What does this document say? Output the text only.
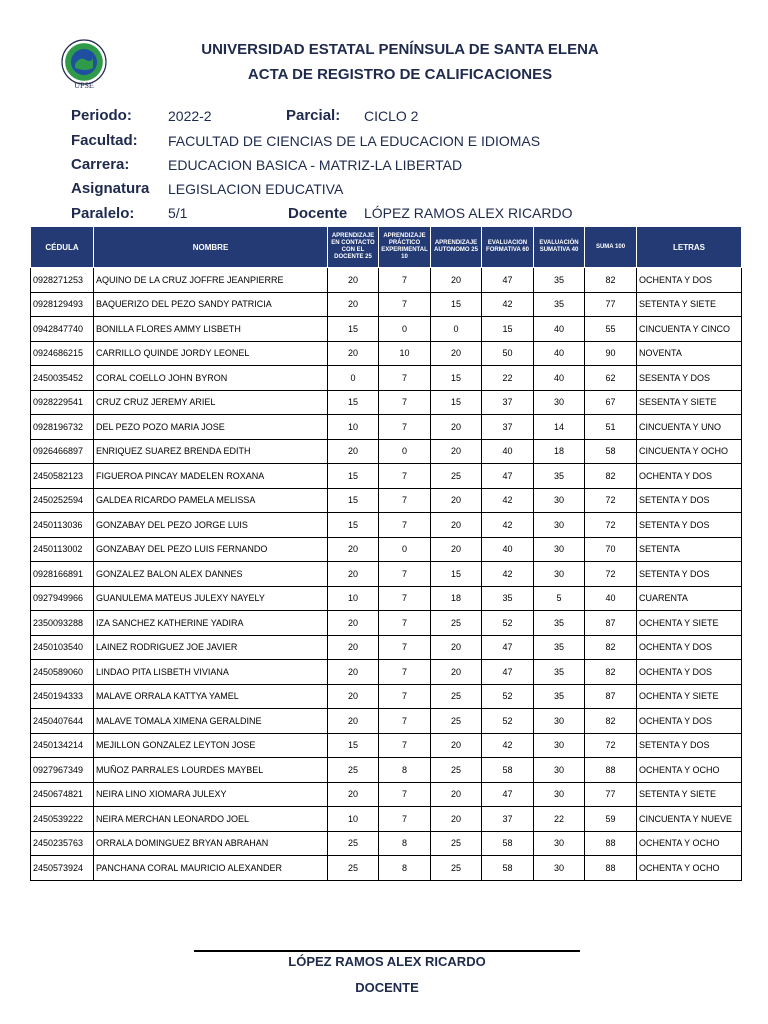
UPSE
UNIVERSIDAD ESTATAL PENÍNSULA DE SANTA ELENA
ACTA DE REGISTRO DE CALIFICACIONES
Periodo:	2022-2	Parcial: CICLO 2
Facultad: FACULTAD DE CIENCIAS DE LA EDUCACION E IDIOMAS
Carrera:	EDUCACION BASICA - MATRIZ-LA LIBERTAD
Asignatura LEGISLACION EDUCATIVA
Paralelo: 5/1	Docente LÓPEZ RAMOS ALEX RICARDO
CÉDULA	NOMBRE	APRENDIZAJE EN CONTACTO CON EL DOCENTE 25	APRENDIZAJE PRÁCTICO EXPERIMENTAL 10	APRENDIZAJE AUTONOMO 25	EVALUACION FORMATIVA 60	EVALUACIÓN SUMATIVA 40	SUMA 100	LETRAS
0928271253	AQUINO DE LA CRUZ JOFFRE JEANPIERRE	20	7	20	47	35	82	OCHENTA Y DOS
0928129493	BAQUERIZO DEL PEZO SANDY PATRICIA	20	7	15	42	35	77	SETENTA Y SIETE
0942847740	BONILLA FLORES AMMY LISBETH	15	0	0	15	40	55	CINCUENTA Y CINCO
0924686215	CARRILLO QUINDE JORDY LEONEL	20	10	20	50	40	90	NOVENTA
2450035452	CORAL COELLO JOHN BYRON	0	7	15	22	40	62	SESENTA Y DOS
0928229541	CRUZ CRUZ JEREMY ARIEL	15	7	15	37	30	67	SESENTA Y SIETE
0928196732	DEL PEZO POZO MARIA JOSE	10	7	20	37	14	51	CINCUENTA Y UNO
0926466897	ENRIQUEZ SUAREZ BRENDA EDITH	20	0	20	40	18	58	CINCUENTA Y OCHO
2450582123	FIGUEROA PINCAY MADELEN ROXANA	15	7	25	47	35	82	OCHENTA Y DOS
2450252594	GALDEA RICARDO PAMELA MELISSA	15	7	20	42	30	72	SETENTA Y DOS
2450113036	GONZABAY DEL PEZO JORGE LUIS	15	7	20	42	30	72	SETENTA Y DOS
2450113002	GONZABAY DEL PEZO LUIS FERNANDO	20	0	20	40	30	70	SETENTA
0928166891	GONZALEZ BALON ALEX DANNES	20	7	15	42	30	72	SETENTA Y DOS
0927949966	GUANULEMA MATEUS JULEXY NAYELY	10	7	18	35	5	40	CUARENTA
2350093288	IZA SANCHEZ KATHERINE YADIRA	20	7	25	52	35	87	OCHENTA Y SIETE
2450103540	LAINEZ RODRIGUEZ JOE JAVIER	20	7	20	47	35	82	OCHENTA Y DOS
2450589060	LINDAO PITA LISBETH VIVIANA	20	7	20	47	35	82	OCHENTA Y DOS
2450194333	MALAVE ORRALA KATTYA YAMEL	20	7	25	52	35	87	OCHENTA Y SIETE
2450407644	MALAVE TOMALA XIMENA GERALDINE	20	7	25	52	30	82	OCHENTA Y DOS
2450134214	MEJILLON GONZALEZ LEYTON JOSE	15	7	20	42	30	72	SETENTA Y DOS
0927967349	MUÑOZ PARRALES LOURDES MAYBEL	25	8	25	58	30	88	OCHENTA Y OCHO
2450674821	NEIRA LINO XIOMARA JULEXY	20	7	20	47	30	77	SETENTA Y SIETE
2450539222	NEIRA MERCHAN LEONARDO JOEL	10	7	20	37	22	59	CINCUENTA Y NUEVE
2450235763	ORRALA DOMINGUEZ BRYAN ABRAHAN	25	8	25	58	30	88	OCHENTA Y OCHO
2450573924	PANCHANA CORAL MAURICIO ALEXANDER	25	8	25	58	30	88	OCHENTA Y OCHO
LÓPEZ RAMOS ALEX RICARDO
DOCENTE
